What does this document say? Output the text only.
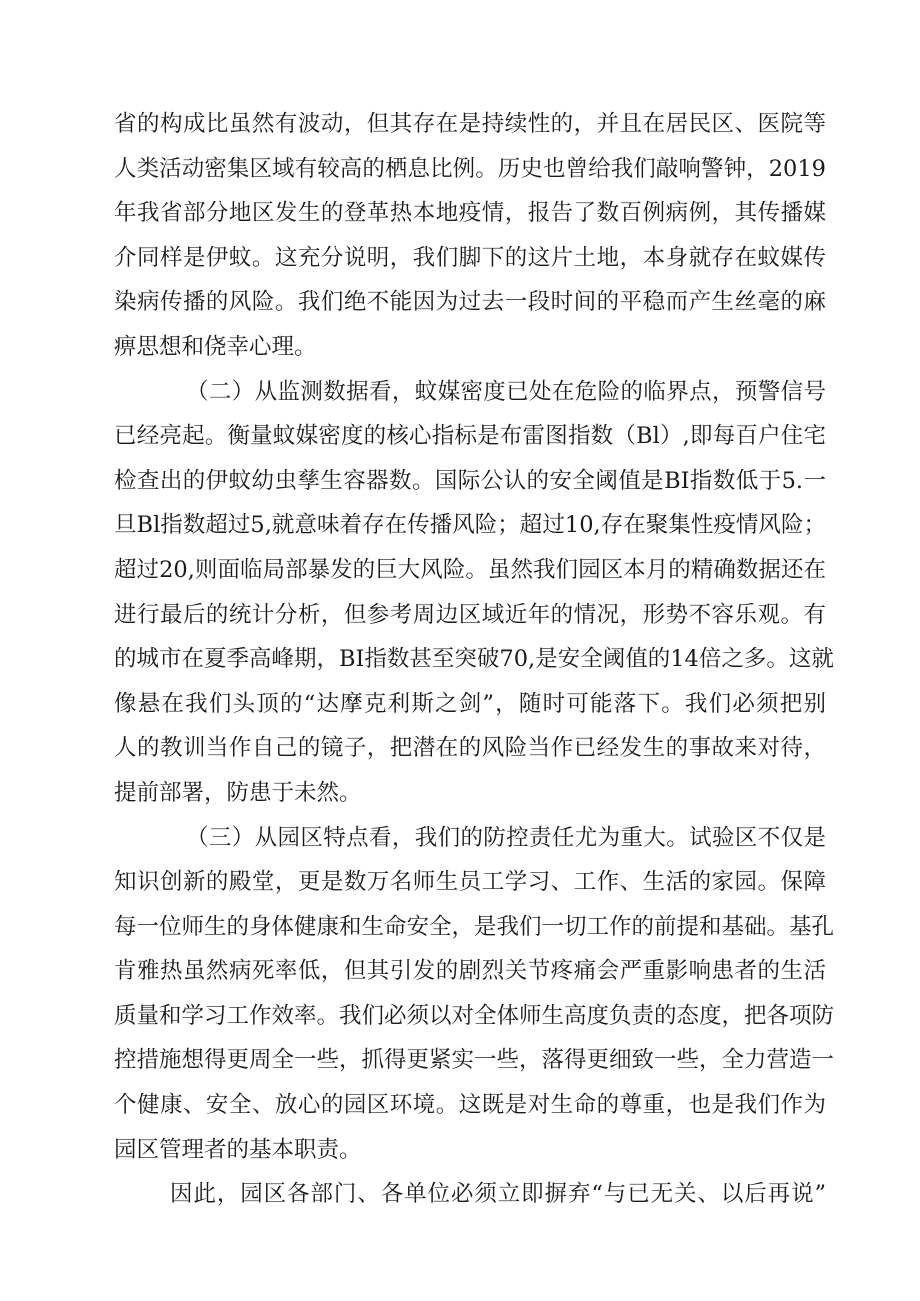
省的构成比虽然有波动，但其存在是持续性的，并且在居民区、医院等
人类活动密集区域有较高的栖息比例。历史也曾给我们敲响警钟，2019
年我省部分地区发生的登革热本地疫情，报告了数百例病例，其传播媒
介同样是伊蚊。这充分说明，我们脚下的这片土地，本身就存在蚊媒传
染病传播的风险。我们绝不能因为过去一段时间的平稳而产生丝毫的麻
痹思想和侥幸心理。

（二）从监测数据看，蚊媒密度已处在危险的临界点，预警信号
已经亮起。衡量蚊媒密度的核心指标是布雷图指数（Bl）,即每百户住宅
检查出的伊蚊幼虫孳生容器数。国际公认的安全阈值是BI指数低于5.一
旦Bl指数超过5,就意味着存在传播风险；超过10,存在聚集性疫情风险；
超过20,则面临局部暴发的巨大风险。虽然我们园区本月的精确数据还在
进行最后的统计分析，但参考周边区域近年的情况，形势不容乐观。有
的城市在夏季高峰期，BI指数甚至突破70,是安全阈值的14倍之多。这就
像悬在我们头顶的“达摩克利斯之剑”，随时可能落下。我们必须把别
人的教训当作自己的镜子，把潜在的风险当作已经发生的事故来对待，
提前部署，防患于未然。

（三）从园区特点看，我们的防控责任尤为重大。试验区不仅是
知识创新的殿堂，更是数万名师生员工学习、工作、生活的家园。保障
每一位师生的身体健康和生命安全，是我们一切工作的前提和基础。基孔
肯雅热虽然病死率低，但其引发的剧烈关节疼痛会严重影响患者的生活
质量和学习工作效率。我们必须以对全体师生高度负责的态度，把各项防
控措施想得更周全一些，抓得更紧实一些，落得更细致一些，全力营造一
个健康、安全、放心的园区环境。这既是对生命的尊重，也是我们作为
园区管理者的基本职责。

因此，园区各部门、各单位必须立即摒弃“与已无关、以后再说”
